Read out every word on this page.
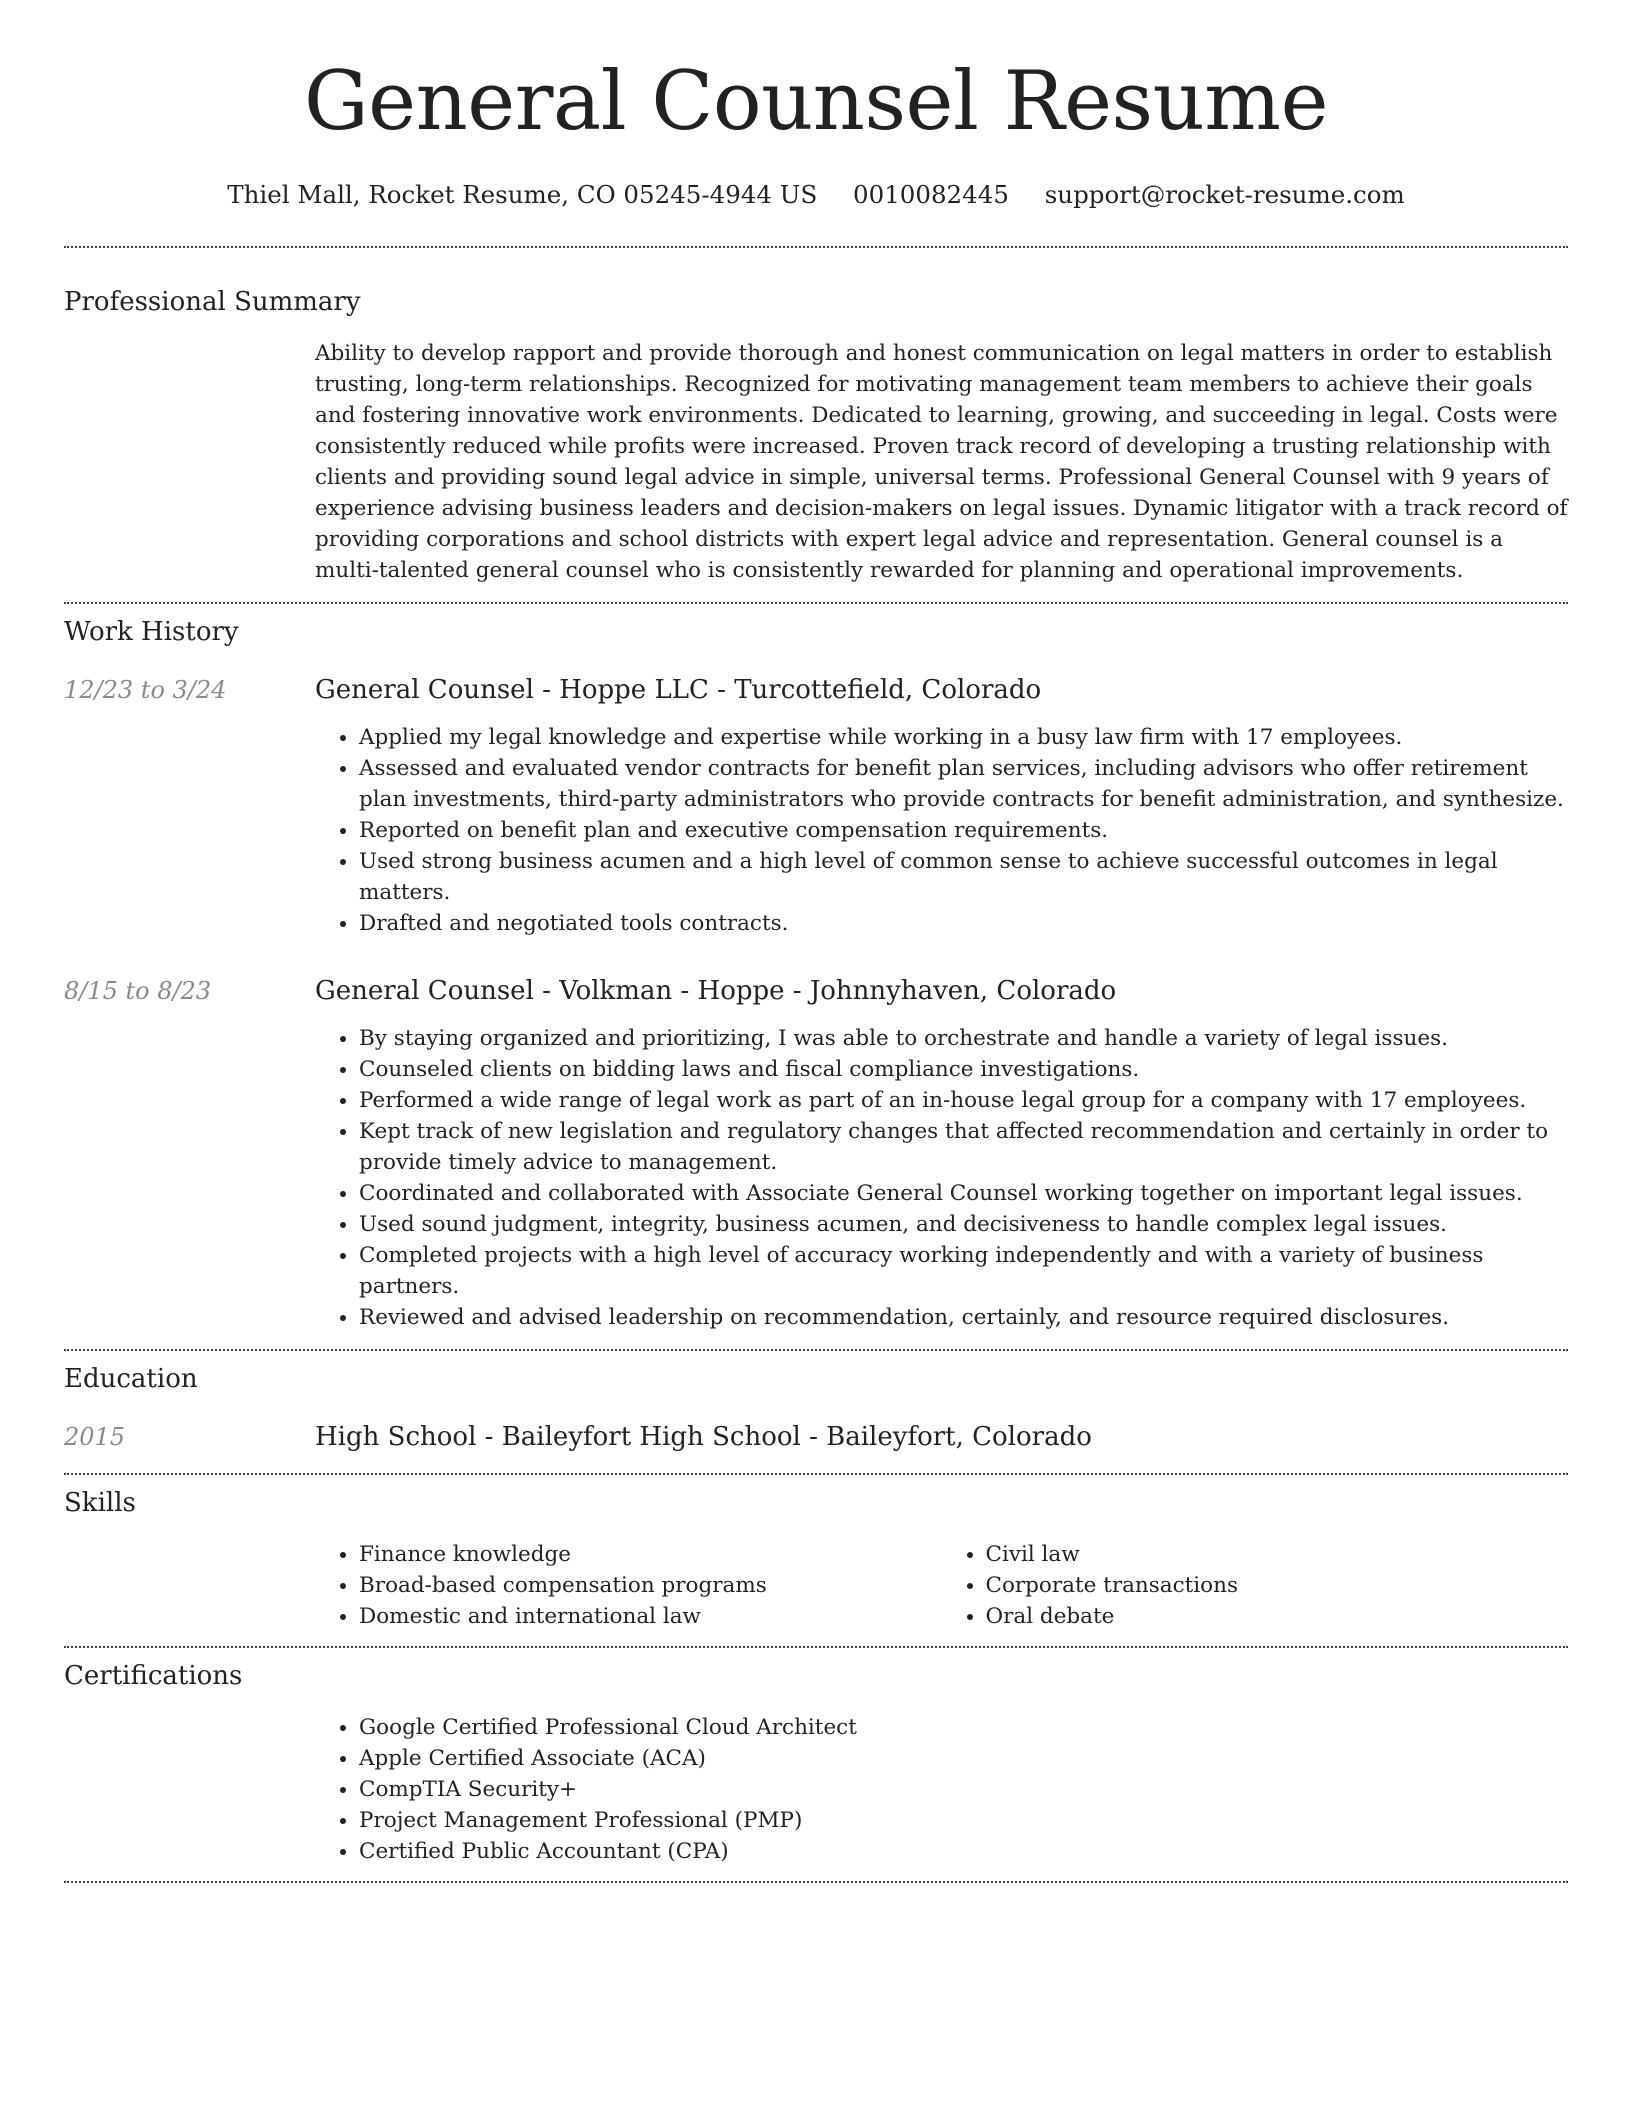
General Counsel Resume
Thiel Mall, Rocket Resume, CO 05245-4944 US 0010082445 support@rocket-resume.com
Professional Summary
Ability to develop rapport and provide thorough and honest communication on legal matters in order to establish trusting, long-term relationships. Recognized for motivating management team members to achieve their goals and fostering innovative work environments. Dedicated to learning, growing, and succeeding in legal. Costs were consistently reduced while profits were increased. Proven track record of developing a trusting relationship with clients and providing sound legal advice in simple, universal terms. Professional General Counsel with 9 years of experience advising business leaders and decision-makers on legal issues. Dynamic litigator with a track record of providing corporations and school districts with expert legal advice and representation. General counsel is a multi-talented general counsel who is consistently rewarded for planning and operational improvements.
Work History
12/23 to 3/24	General Counsel - Hoppe LLC - Turcottefield, Colorado
• Applied my legal knowledge and expertise while working in a busy law firm with 17 employees.
• Assessed and evaluated vendor contracts for benefit plan services, including advisors who offer retirement plan investments, third-party administrators who provide contracts for benefit administration, and synthesize.
• Reported on benefit plan and executive compensation requirements.
• Used strong business acumen and a high level of common sense to achieve successful outcomes in legal matters.
• Drafted and negotiated tools contracts.
8/15 to 8/23	General Counsel - Volkman - Hoppe - Johnnyhaven, Colorado
• By staying organized and prioritizing, I was able to orchestrate and handle a variety of legal issues.
• Counseled clients on bidding laws and fiscal compliance investigations.
• Performed a wide range of legal work as part of an in-house legal group for a company with 17 employees.
• Kept track of new legislation and regulatory changes that affected recommendation and certainly in order to provide timely advice to management.
• Coordinated and collaborated with Associate General Counsel working together on important legal issues.
• Used sound judgment, integrity, business acumen, and decisiveness to handle complex legal issues.
• Completed projects with a high level of accuracy working independently and with a variety of business partners.
• Reviewed and advised leadership on recommendation, certainly, and resource required disclosures.
Education
2015	High School - Baileyfort High School - Baileyfort, Colorado
Skills
• Finance knowledge
• Broad-based compensation programs
• Domestic and international law
• Civil law
• Corporate transactions
• Oral debate
Certifications
• Google Certified Professional Cloud Architect
• Apple Certified Associate (ACA)
• CompTIA Security+
• Project Management Professional (PMP)
• Certified Public Accountant (CPA)
